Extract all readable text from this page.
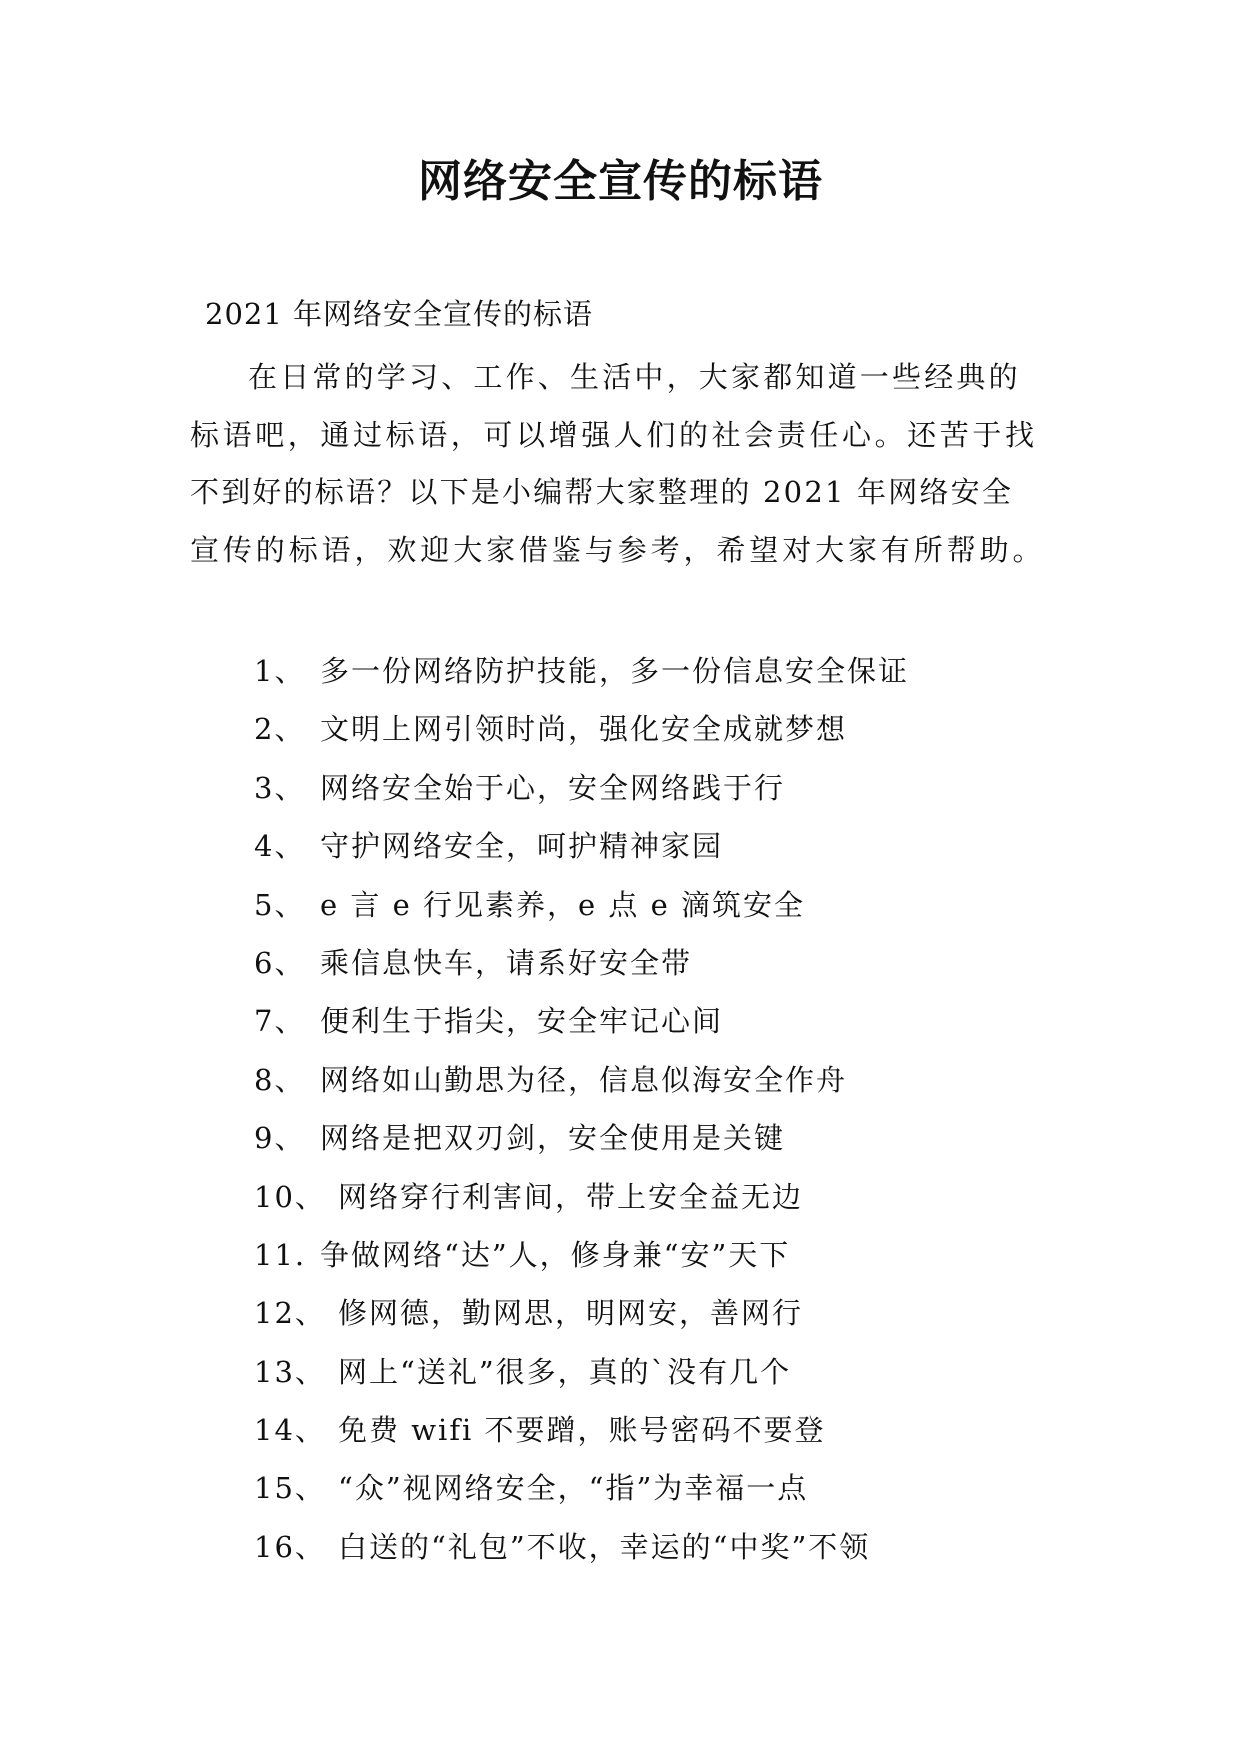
网络安全宣传的标语

2021 年网络安全宣传的标语

在日常的学习、工作、生活中，大家都知道一些经典的
标语吧，通过标语，可以增强人们的社会责任心。还苦于找
不到好的标语？以下是小编帮大家整理的 2021 年网络安全
宣传的标语，欢迎大家借鉴与参考，希望对大家有所帮助。

1、 多一份网络防护技能，多一份信息安全保证
2、 文明上网引领时尚，强化安全成就梦想
3、 网络安全始于心，安全网络践于行
4、 守护网络安全，呵护精神家园
5、 e 言 e 行见素养，e 点 e 滴筑安全
6、 乘信息快车，请系好安全带
7、 便利生于指尖，安全牢记心间
8、 网络如山勤思为径，信息似海安全作舟
9、 网络是把双刃剑，安全使用是关键
10、 网络穿行利害间，带上安全益无边
11. 争做网络“达”人，修身兼“安”天下
12、 修网德，勤网思，明网安，善网行
13、 网上“送礼”很多，真的`没有几个
14、 免费 wifi 不要蹭，账号密码不要登
15、 “众”视网络安全，“指”为幸福一点
16、 白送的“礼包”不收，幸运的“中奖”不领
